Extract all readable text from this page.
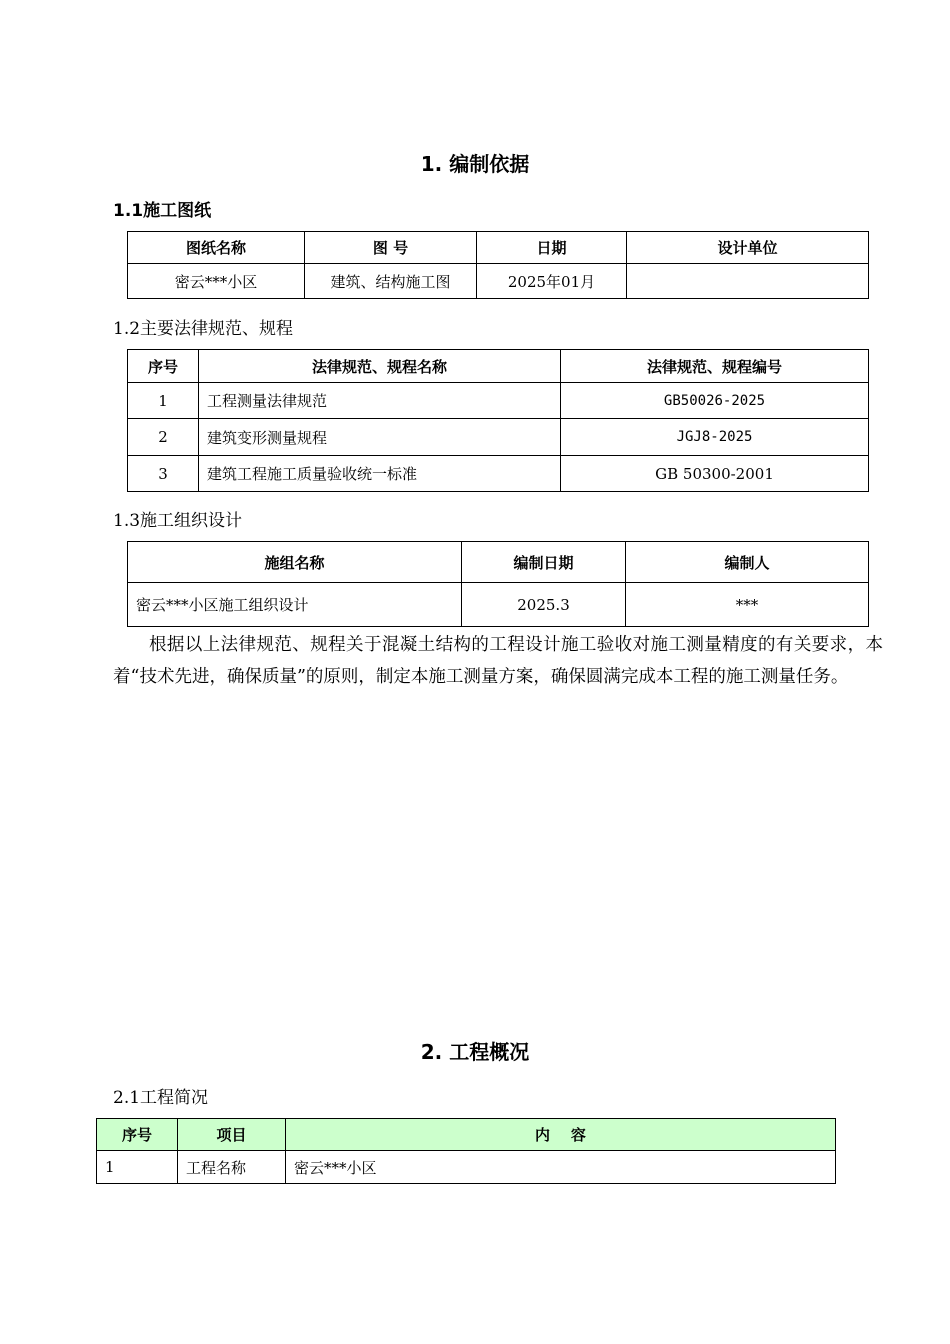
1. 编制依据
1.1施工图纸
图纸名称	图 号	日期	设计单位
密云***小区	建筑、结构施工图	2025年01月	
1.2主要法律规范、规程
序号	法律规范、规程名称	法律规范、规程编号
1	工程测量法律规范	GB50026-2025
2	建筑变形测量规程	JGJ8-2025
3	建筑工程施工质量验收统一标准	GB 50300-2001
1.3施工组织设计
施组名称	编制日期	编制人
密云***小区施工组织设计	2025.3	***
根据以上法律规范、规程关于混凝土结构的工程设计施工验收对施工测量精度的有关要求，本着“技术先进，确保质量”的原则，制定本施工测量方案，确保圆满完成本工程的施工测量任务。
2. 工程概况
2.1工程简况
序号	项目	内    容
1	工程名称	密云***小区
